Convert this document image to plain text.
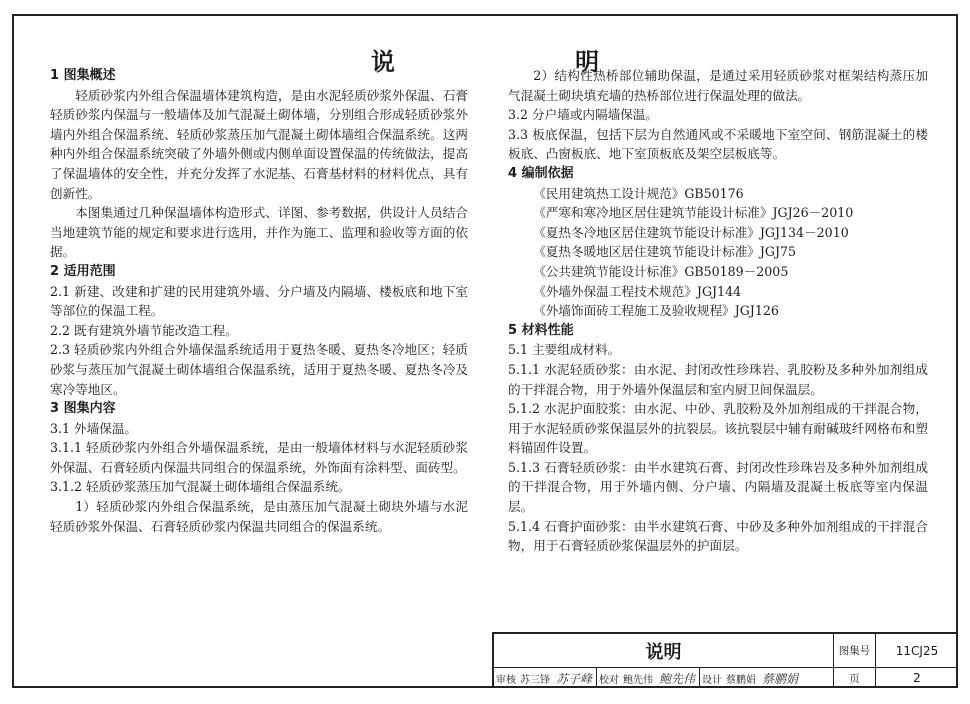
说 明
1 图集概述
轻质砂浆内外组合保温墙体建筑构造，是由水泥轻质砂浆外保温、石膏轻质砂浆内保温与一般墙体及加气混凝土砌体墙，分别组合形成轻质砂浆外墙内外组合保温系统、轻质砂浆蒸压加气混凝土砌体墙组合保温系统。这两种内外组合保温系统突破了外墙外侧或内侧单面设置保温的传统做法，提高了保温墙体的安全性，并充分发挥了水泥基、石膏基材料的材料优点，具有创新性。
本图集通过几种保温墙体构造形式、详图、参考数据，供设计人员结合当地建筑节能的规定和要求进行选用，并作为施工、监理和验收等方面的依据。
2 适用范围
2.1 新建、改建和扩建的民用建筑外墙、分户墙及内隔墙、楼板底和地下室等部位的保温工程。
2.2 既有建筑外墙节能改造工程。
2.3 轻质砂浆内外组合外墙保温系统适用于夏热冬暖、夏热冬冷地区；轻质砂浆与蒸压加气混凝土砌体墙组合保温系统，适用于夏热冬暖、夏热冬冷及寒冷等地区。
3 图集内容
3.1 外墙保温。
3.1.1 轻质砂浆内外组合外墙保温系统，是由一般墙体材料与水泥轻质砂浆外保温、石膏轻质内保温共同组合的保温系统，外饰面有涂料型、面砖型。
3.1.2 轻质砂浆蒸压加气混凝土砌体墙组合保温系统。
1）轻质砂浆内外组合保温系统，是由蒸压加气混凝土砌块外墙与水泥轻质砂浆外保温、石膏轻质砂浆内保温共同组合的保温系统。
2）结构性热桥部位辅助保温，是通过采用轻质砂浆对框架结构蒸压加气混凝土砌块填充墙的热桥部位进行保温处理的做法。
3.2 分户墙或内隔墙保温。
3.3 板底保温，包括下层为自然通风或不采暖地下室空间、钢筋混凝土的楼板底、凸窗板底、地下室顶板底及架空层板底等。
4 编制依据
《民用建筑热工设计规范》GB50176
《严寒和寒冷地区居住建筑节能设计标准》JGJ26－2010
《夏热冬冷地区居住建筑节能设计标准》JGJ134－2010
《夏热冬暖地区居住建筑节能设计标准》JGJ75
《公共建筑节能设计标准》GB50189－2005
《外墙外保温工程技术规范》JGJ144
《外墙饰面砖工程施工及验收规程》JGJ126
5 材料性能
5.1 主要组成材料。
5.1.1 水泥轻质砂浆：由水泥、封闭改性珍珠岩、乳胶粉及多种外加剂组成的干拌混合物，用于外墙外保温层和室内厨卫间保温层。
5.1.2 水泥护面胶浆：由水泥、中砂、乳胶粉及外加剂组成的干拌混合物，用于水泥轻质砂浆保温层外的抗裂层。该抗裂层中辅有耐碱玻纤网格布和塑料锚固件设置。
5.1.3 石膏轻质砂浆：由半水建筑石膏、封闭改性珍珠岩及多种外加剂组成的干拌混合物，用于外墙内侧、分户墙、内隔墙及混凝土板底等室内保温层。
5.1.4 石膏护面砂浆：由半水建筑石膏、中砂及多种外加剂组成的干拌混合物，用于石膏轻质砂浆保温层外的护面层。
说明	图集号	11CJ25
审核 苏三锋 苏子峰 校对 鲍先伟 鲍先伟 设计 蔡鹏娟 蔡鹏娟	页	2
